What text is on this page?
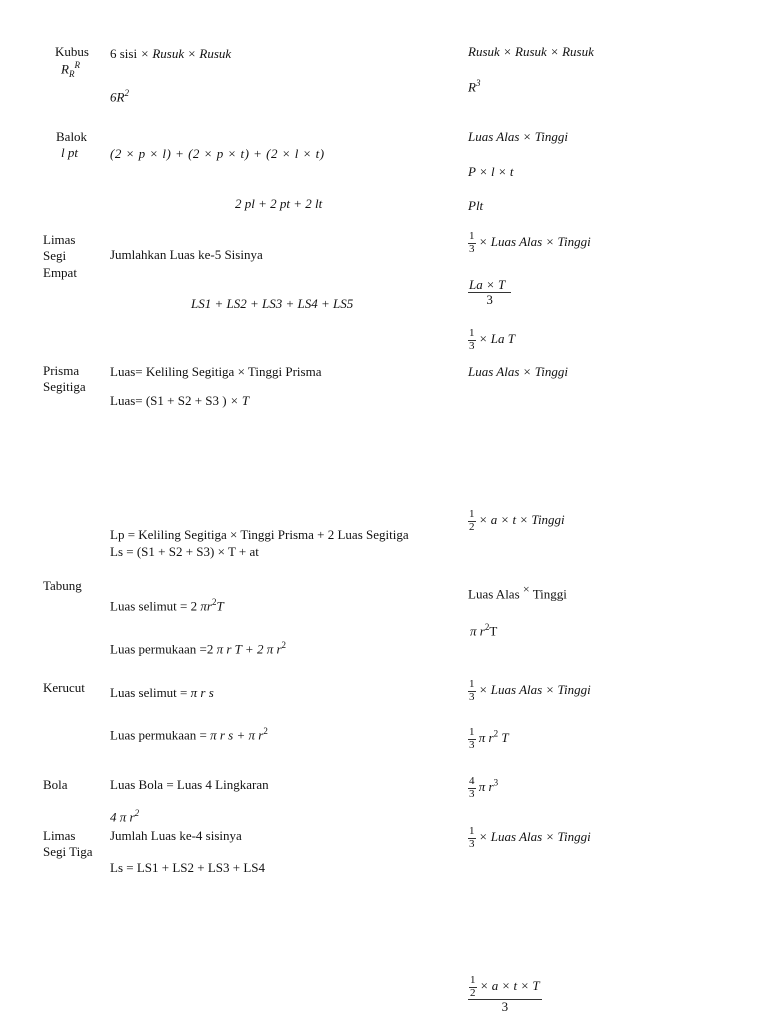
Kubus
$R_R^R$
6 sisi × Rusuk × Rusuk
$6R^2$
Rusuk × Rusuk × Rusuk
$R^3$
Balok
l pt (2 × p × l) + (2 × p × t) + (2 × l × t)
2 pl + 2 pt + 2 lt
Luas Alas × Tinggi
P × l × t
Plt
Limas
Segi
Empat
Jumlahkan Luas ke-5 Sisinya
LS1 + LS2 + LS3 + LS4 + LS5
$\frac{1}{3}$ × Luas Alas × Tinggi
$\frac{La \times T}{3}$
$\frac{1}{3} \times La$ T
Prisma
Segitiga
Luas= Keliling Segitiga × Tinggi Prisma
Luas= (S1 + S2 + S3 ) × T
Luas Alas × Tinggi
Lp = Keliling Segitiga × Tinggi Prisma + 2 Luas Segitiga
Ls = (S1 + S2 + S3) × T + at
$\frac{1}{2} \times a \times t$ × Tinggi
Tabung
Luas selimut = 2 $\pi r^2T$
Luas permukaan =2 π r T + 2 π $r^2$
Luas Alas × Tinggi
π $r^2T$
Kerucut Luas selimut = π r s
Luas permukaan = π r s + π $r^2$
$\frac{1}{3}$ × Luas Alas × Tinggi
$\frac{1}{3}$ π $r^2$ T
Bola	Luas Bola = Luas 4 Lingkaran
4 π $r^2$
$\frac{4}{3}$ π $r^3$
Limas
Segi Tiga
Jumlah Luas ke-4 sisinya
Ls = LS1 + LS2 + LS3 + LS4
$\frac{1}{3}$ × Luas Alas × Tinggi
$\frac{\frac{1}{2} \times a \times t \times T}{3}$
